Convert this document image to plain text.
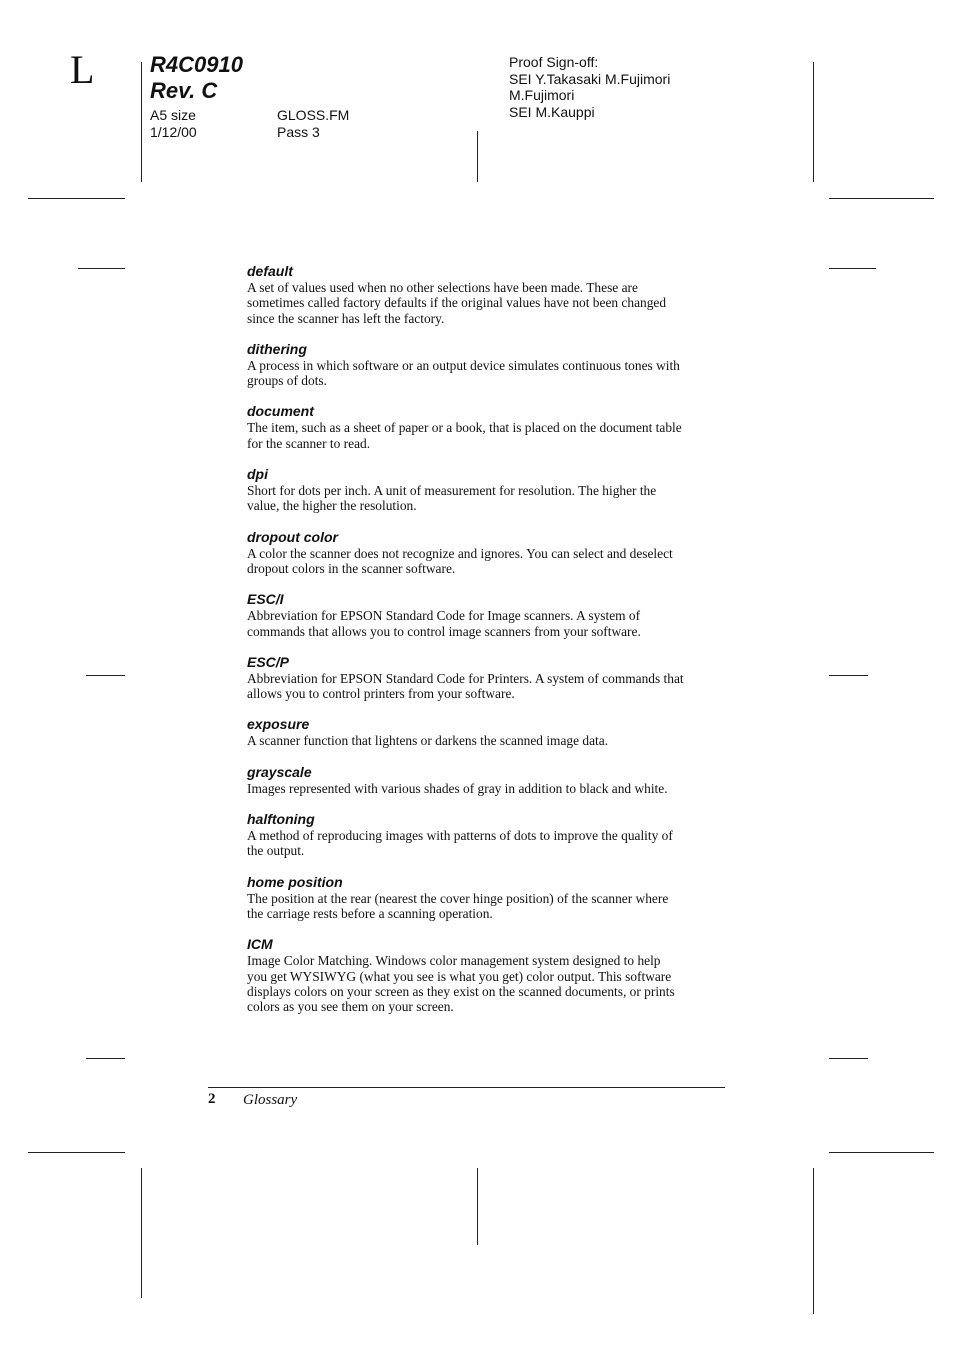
L	R4C0910
Rev. C
A5 size
1/12/00
GLOSS.FM
Pass 3
Proof Sign-off:
SEI Y.Takasaki M.Fujimori
M.Fujimori
SEI M.Kauppi

default

A set of values used when no other selections have been made. These are
sometimes called factory defaults if the original values have not been changed
since the scanner has left the factory.

dithering

A process in which software or an output device simulates continuous tones with
groups of dots.

document

The item, such as a sheet of paper or a book, that is placed on the document table
for the scanner to read.

dpi

Short for dots per inch. A unit of measurement for resolution. The higher the
value, the higher the resolution.

dropout color

A color the scanner does not recognize and ignores. You can select and deselect
dropout colors in the scanner software.

ESC/I

Abbreviation for EPSON Standard Code for Image scanners. A system of
commands that allows you to control image scanners from your software.

ESC/P

Abbreviation for EPSON Standard Code for Printers. A system of commands that
allows you to control printers from your software.

exposure

A scanner function that lightens or darkens the scanned image data.

grayscale

Images represented with various shades of gray in addition to black and white.

halftoning

A method of reproducing images with patterns of dots to improve the quality of
the output.

home position

The position at the rear (nearest the cover hinge position) of the scanner where
the carriage rests before a scanning operation.

ICM

Image Color Matching. Windows color management system designed to help
you get WYSIWYG (what you see is what you get) color output. This software
displays colors on your screen as they exist on the scanned documents, or prints
colors as you see them on your screen.
2 Glossary
